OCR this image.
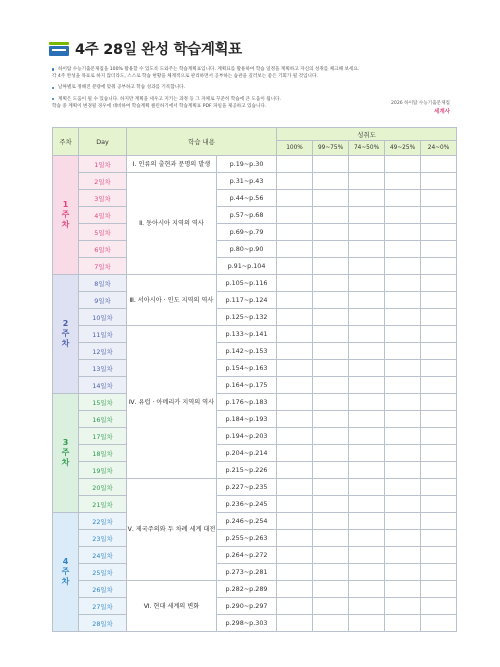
4주 28일 완성 학습계획표
하이탑 수능기출문제집을 100% 활용할 수 있도록 도와주는 학습계획표입니다. 계획표를 활용하여 학습 일정을 계획하고 자신의 성취를 체크해 보세요.
각 4주 완성을 목표로 하지 않더라도, 스스로 학습 현황을 체계적으로 관리하면서 공부하는 습관을 길러보는 좋은 기회가 될 것입니다.
날짜별로 정해진 분량에 맞춰 공부하고 학습 성과를 기록합니다.
계획은 도움이 될 수 있습니다. 하지만 계획을 세우고 지키는 과정 등 그 자체로 꾸준히 학습에 큰 도움이 됩니다.
학습 중 계획이 변경될 경우에 대비하여 학습계획 클린하기에서 학습계획표 PDF 파일을 제공하고 있습니다.
2026 하이탑 수능기출문제집
세계사
주차	Day	학습 내용		성취도				
				100%	99~75%	74~50%	49~25%	24~0%

1
주
차	1일차	Ⅰ. 인류의 출현과 문명의 발생	p.19~p.30					
	2일차	Ⅱ. 동아시아 지역의 역사	p.31~p.43					
	3일차		p.44~p.56					
	4일차		p.57~p.68					
	5일차		p.69~p.79					
	6일차		p.80~p.90					
	7일차		p.91~p.104					

2
주
차	8일차	Ⅲ. 서아시아 · 인도 지역의 역사	p.105~p.116					
	9일차		p.117~p.124					
	10일차		p.125~p.132					
	11일차	Ⅳ. 유럽 · 아메리카 지역의 역사	p.133~p.141					
	12일차		p.142~p.153					
	13일차		p.154~p.163					
	14일차		p.164~p.175					

3
주
차	15일차		p.176~p.183					
	16일차		p.184~p.193					
	17일차		p.194~p.203					
	18일차		p.204~p.214					
	19일차		p.215~p.226					
	20일차	Ⅴ. 제국주의와 두 차례 세계 대전	p.227~p.235					
	21일차		p.236~p.245					

4
주
차	22일차		p.246~p.254					
	23일차		p.255~p.263					
	24일차		p.264~p.272					
	25일차		p.273~p.281					
	26일차	Ⅵ. 현대 세계의 변화	p.282~p.289					
	27일차		p.290~p.297					
	28일차		p.298~p.303					
